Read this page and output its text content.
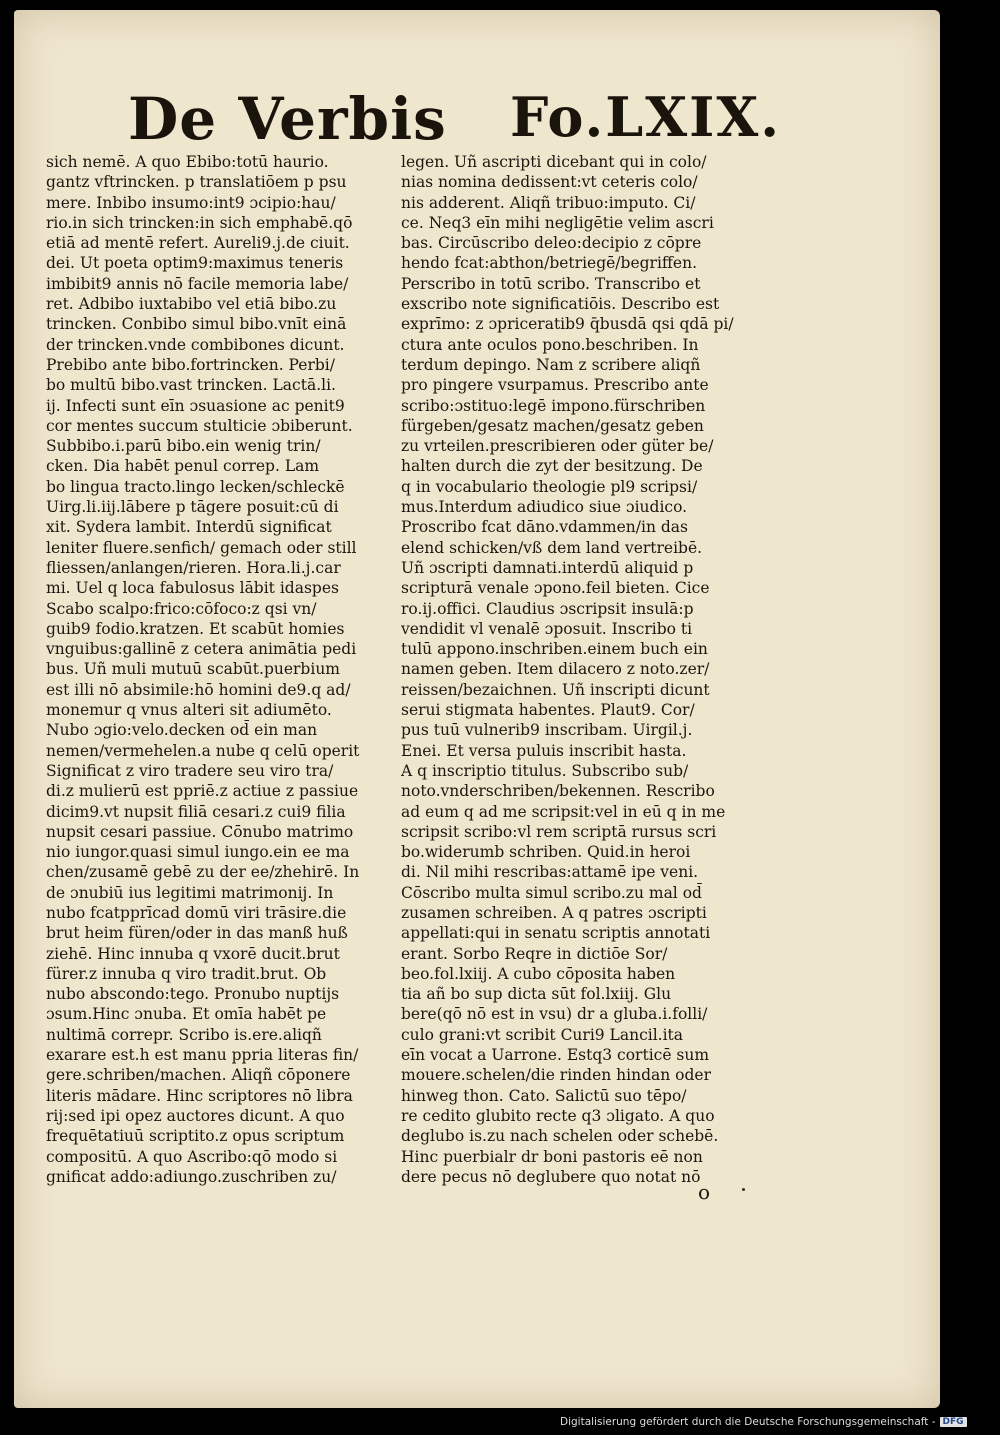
De Verbis Fo.LXIX.
sich nemē. A quo Ebibo:totū haurio.
gantz vftrincken. p translatiōem p psu
mere. Inbibo insumo:int9 ɔcipio:hau/
rio.in sich trincken:in sich emphabē.qō
etiā ad mentē refert. Aureli9.j.de ciuit.
dei. Ut poeta optim9:maximus teneris
imbibit9 annis nō facile memoria labe/
ret. Adbibo iuxtabibo vel etiā bibo.zu
trincken. Conbibo simul bibo.vnīt einā
der trincken.vnde combibones dicunt.
Prebibo ante bibo.fortrincken. Perbi/
bo multū bibo.vast trincken. Lactā.li.
ij. Infecti sunt eīn ɔsuasione ac penit9
cor mentes succum stulticie ɔbiberunt.
Subbibo.i.parū bibo.ein wenig trin/
cken. Dia habēt penul correp. Lam
bo lingua tracto.lingo lecken/schleckē
Uirg.li.iij.lābere p tāgere posuit:cū di
xit. Sydera lambit. Interdū significat
leniter fluere.senfich/ gemach oder still
fliessen/anlangen/rieren. Hora.li.j.car
mi. Uel q loca fabulosus lābit idaspes
Scabo scalpo:frico:cōfoco:z qsi vn/
guib9 fodio.kratzen. Et scabūt homies
vnguibus:gallinē z cetera animātia pedi
bus. Uñ muli mutuū scabūt.puerbium
est illi nō absimile:hō homini de9.q ad/
monemur q vnus alteri sit adiumēto.
Nubo ɔgio:velo.decken od̄ ein man
nemen/vermehelen.a nube q celū operit
Significat z viro tradere seu viro tra/
di.z mulierū est ppriē.z actiue z passiue
dicim9.vt nupsit filiā cesari.z cui9 filia
nupsit cesari passiue. Cōnubo matrimo
nio iungor.quasi simul iungo.ein ee ma
chen/zusamē gebē zu der ee/zhehirē. In
de ɔnubiū ius legitimi matrimonij. In
nubo fcatpprīcad domū viri trāsire.die
brut heim füren/oder in das manß huß
ziehē. Hinc innuba q vxorē ducit.brut
fürer.z innuba q viro tradit.brut. Ob
nubo abscondo:tego. Pronubo nuptijs
ɔsum.Hinc ɔnuba. Et omīa habēt pe
nultimā correpr. Scribo is.ere.aliqñ
exarare est.h est manu ppria literas fin/
gere.schriben/machen. Aliqñ cōponere
literis mādare. Hinc scriptores nō libra
rij:sed ipi opez auctores dicunt. A quo
frequētatiuū scriptito.z opus scriptum
compositū. A quo Ascribo:qō modo si
gnificat addo:adiungo.zuschriben zu/
legen. Uñ ascripti dicebant qui in colo/
nias nomina dedissent:vt ceteris colo/
nis adderent. Aliqñ tribuo:imputo. Ci/
ce. Neq3 eīn mihi negligētie velim ascri
bas. Circūscribo deleo:decipio z cōpre
hendo fcat:abthon/betriegē/begriffen.
Perscribo in totū scribo. Transcribo et
exscribo note significatiōis. Describo est
exprīmo: z ɔpriceratib9 q̄busdā qsi qdā pi/
ctura ante oculos pono.beschriben. In
terdum depingo. Nam z scribere aliqñ
pro pingere vsurpamus. Prescribo ante
scribo:ɔstituo:legē impono.fürschriben
fürgeben/gesatz machen/gesatz geben
zu vrteilen.prescribieren oder güter be/
halten durch die zyt der besitzung. De
q in vocabulario theologie pl9 scripsi/
mus.Interdum adiudico siue ɔiudico.
Proscribo fcat dāno.vdammen/in das
elend schicken/vß dem land vertreibē.
Uñ ɔscripti damnati.interdū aliquid p
scripturā venale ɔpono.feil bieten. Cice
ro.ij.offici. Claudius ɔscripsit insulā:p
vendidit vl venalē ɔposuit. Inscribo ti
tulū appono.inschriben.einem buch ein
namen geben. Item dilacero z noto.zer/
reissen/bezaichnen. Uñ inscripti dicunt
serui stigmata habentes. Plaut9. Cor/
pus tuū vulnerib9 inscribam. Uirgil.j.
Enei. Et versa puluis inscribit hasta.
A q inscriptio titulus. Subscribo sub/
noto.vnderschriben/bekennen. Rescribo
ad eum q ad me scripsit:vel in eū q in me
scripsit scribo:vl rem scriptā rursus scri
bo.widerumb schriben. Quid.in heroi
di. Nil mihi rescribas:attamē ipe veni.
Cōscribo multa simul scribo.zu mal od̄
zusamen schreiben. A q patres ɔscripti
appellati:qui in senatu scriptis annotati
erant. Sorbo Reqre in dictiōe Sor/
beo.fol.lxiij. A cubo cōposita haben
tia añ bo sup dicta sūt fol.lxiij. Glu
bere(qō nō est in vsu) dr a gluba.i.folli/
culo grani:vt scribit Curi9 Lancil.ita
eīn vocat a Uarrone. Estq3 corticē sum
mouere.schelen/die rinden hindan oder
hinweg thon. Cato. Salictū suo tēpo/
re cedito glubito recte q3 ɔligato. A quo
deglubo is.zu nach schelen oder schebē.
Hinc puerbialr dr boni pastoris eē non
dere pecus nō deglubere quo notat nō
o
Digitalisierung gefördert durch die Deutsche Forschungsgemeinschaft - DFG
